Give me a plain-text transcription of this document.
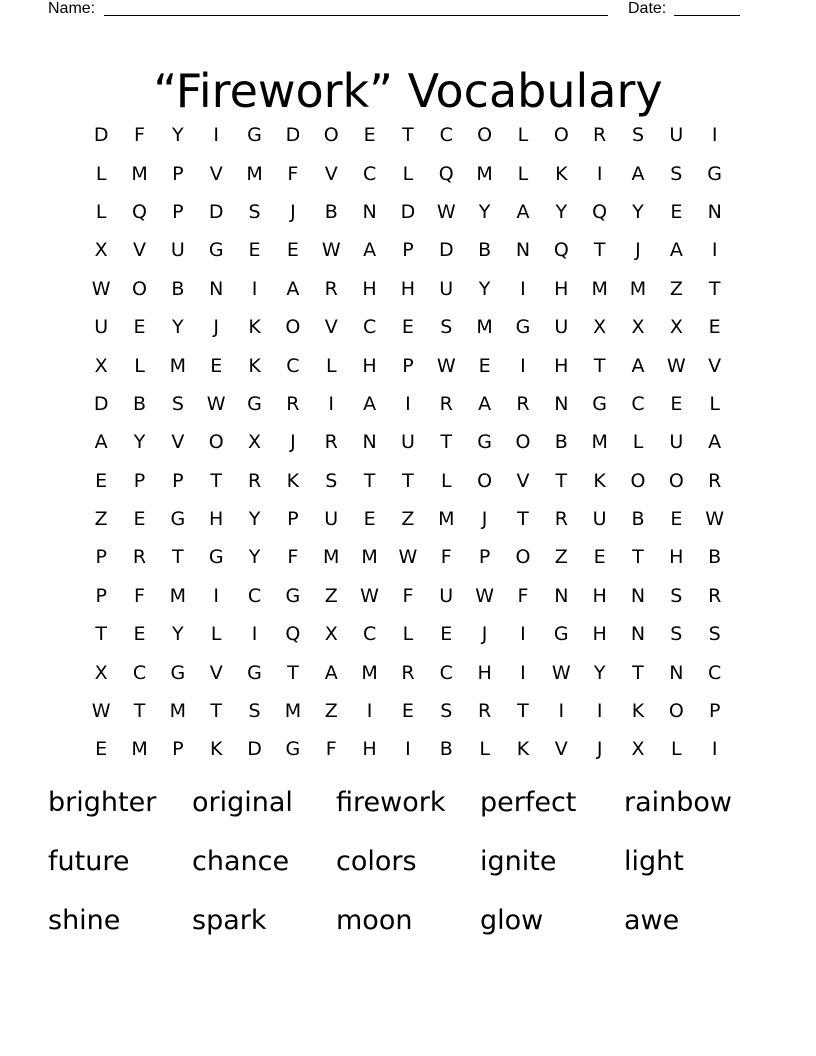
Name:	Date:
“Firework” Vocabulary
D	F	Y	I	G	D	O	E	T	C	O	L	O	R	S	U	I
L	M	P	V	M	F	V	C	L	Q	M	L	K	I	A	S	G
L	Q	P	D	S	J	B	N	D	W	Y	A	Y	Q	Y	E	N
X	V	U	G	E	E	W	A	P	D	B	N	Q	T	J	A	I
W	O	B	N	I	A	R	H	H	U	Y	I	H	M	M	Z	T
U	E	Y	J	K	O	V	C	E	S	M	G	U	X	X	X	E
X	L	M	E	K	C	L	H	P	W	E	I	H	T	A	W	V
D	B	S	W	G	R	I	A	I	R	A	R	N	G	C	E	L
A	Y	V	O	X	J	R	N	U	T	G	O	B	M	L	U	A
E	P	P	T	R	K	S	T	T	L	O	V	T	K	O	O	R
Z	E	G	H	Y	P	U	E	Z	M	J	T	R	U	B	E	W
P	R	T	G	Y	F	M	M	W	F	P	O	Z	E	T	H	B
P	F	M	I	C	G	Z	W	F	U	W	F	N	H	N	S	R
T	E	Y	L	I	Q	X	C	L	E	J	I	G	H	N	S	S
X	C	G	V	G	T	A	M	R	C	H	I	W	Y	T	N	C
W	T	M	T	S	M	Z	I	E	S	R	T	I	I	K	O	P
E	M	P	K	D	G	F	H	I	B	L	K	V	J	X	L	I
brighter	original	firework	perfect	rainbow
future	chance	colors	ignite	light
shine	spark	moon	glow	awe
